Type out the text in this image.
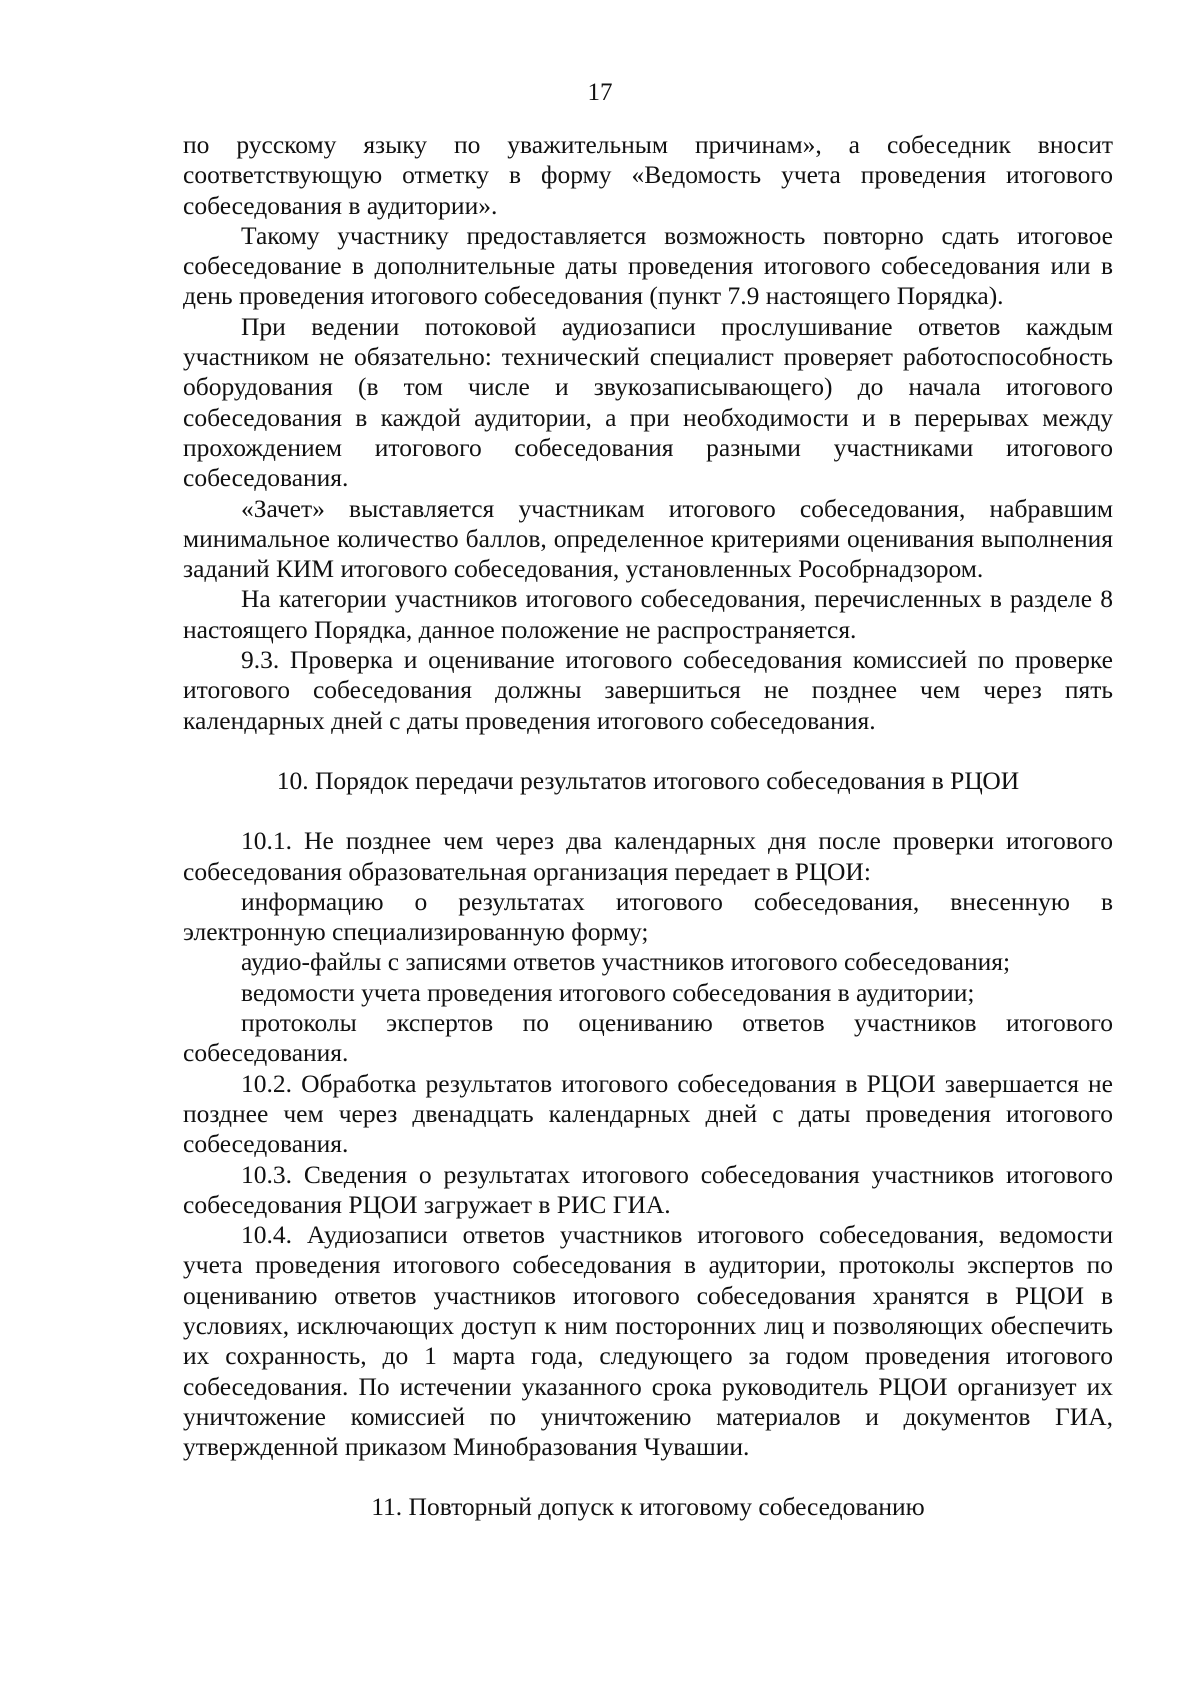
17

по русскому языку по уважительным причинам», а собеседник вносит соответствующую отметку в форму «Ведомость учета проведения итогового собеседования в аудитории».

Такому участнику предоставляется возможность повторно сдать итоговое собеседование в дополнительные даты проведения итогового собеседования или в день проведения итогового собеседования (пункт 7.9 настоящего Порядка).

При ведении потоковой аудиозаписи прослушивание ответов каждым участником не обязательно: технический специалист проверяет работоспособность оборудования (в том числе и звукозаписывающего) до начала итогового собеседования в каждой аудитории, а при необходимости и в перерывах между прохождением итогового собеседования разными участниками итогового собеседования.

«Зачет» выставляется участникам итогового собеседования, набравшим минимальное количество баллов, определенное критериями оценивания выполнения заданий КИМ итогового собеседования, установленных Рособрнадзором.

На категории участников итогового собеседования, перечисленных в разделе 8 настоящего Порядка, данное положение не распространяется.

9.3. Проверка и оценивание итогового собеседования комиссией по проверке итогового собеседования должны завершиться не позднее чем через пять календарных дней с даты проведения итогового собеседования.

10. Порядок передачи результатов итогового собеседования в РЦОИ

10.1. Не позднее чем через два календарных дня после проверки итогового собеседования образовательная организация передает в РЦОИ:

информацию о результатах итогового собеседования, внесенную в электронную специализированную форму;

аудио-файлы с записями ответов участников итогового собеседования;

ведомости учета проведения итогового собеседования в аудитории;

протоколы экспертов по оцениванию ответов участников итогового собеседования.

10.2. Обработка результатов итогового собеседования в РЦОИ завершается не позднее чем через двенадцать календарных дней с даты проведения итогового собеседования.

10.3. Сведения о результатах итогового собеседования участников итогового собеседования РЦОИ загружает в РИС ГИА.

10.4. Аудиозаписи ответов участников итогового собеседования, ведомости учета проведения итогового собеседования в аудитории, протоколы экспертов по оцениванию ответов участников итогового собеседования хранятся в РЦОИ в условиях, исключающих доступ к ним посторонних лиц и позволяющих обеспечить их сохранность, до 1 марта года, следующего за годом проведения итогового собеседования. По истечении указанного срока руководитель РЦОИ организует их уничтожение комиссией по уничтожению материалов и документов ГИА, утвержденной приказом Минобразования Чувашии.

11. Повторный допуск к итоговому собеседованию
